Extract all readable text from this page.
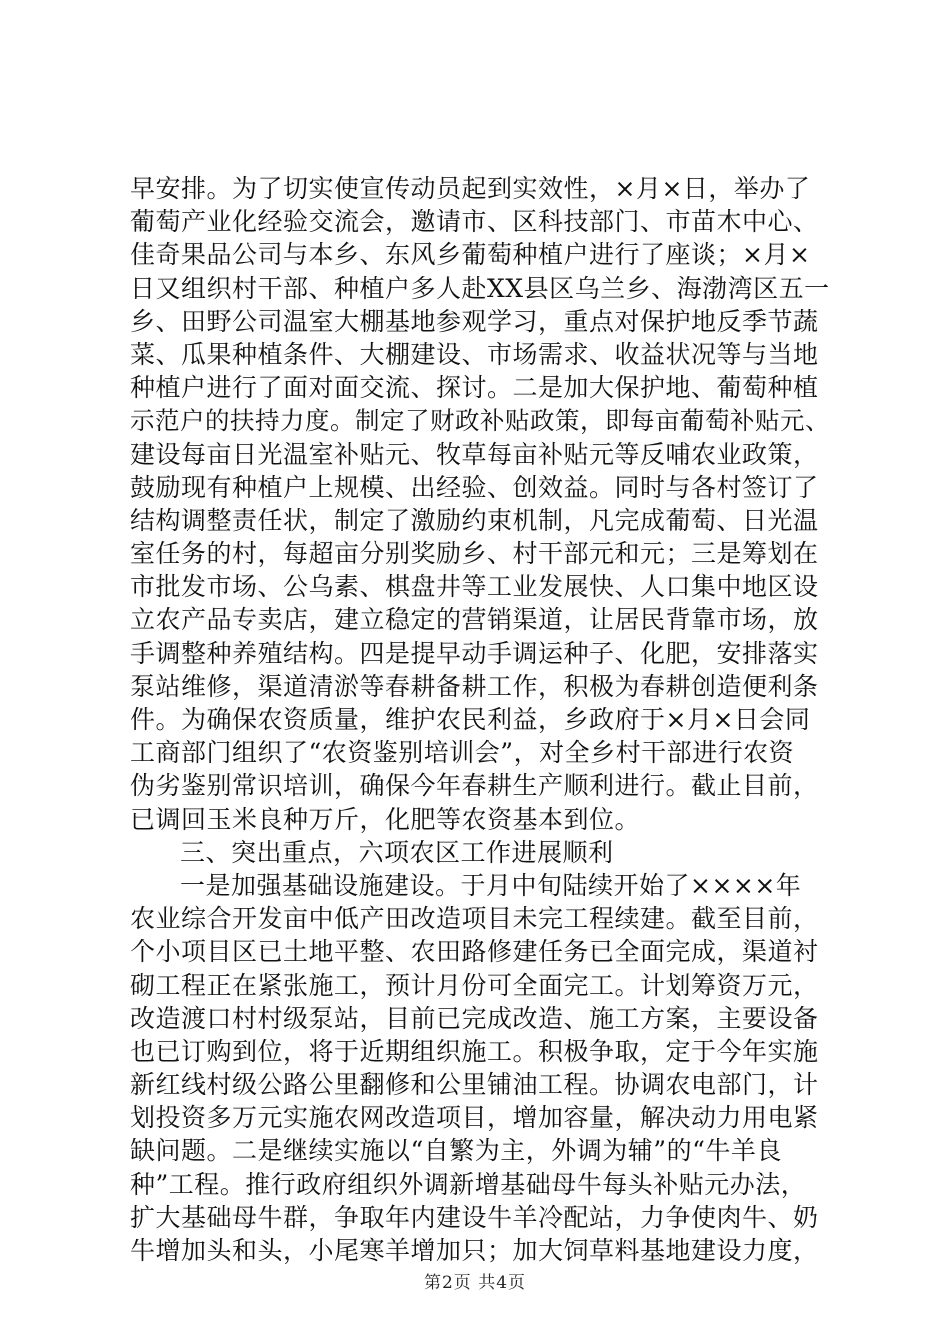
早安排。为了切实使宣传动员起到实效性，×月×日，举办了
葡萄产业化经验交流会，邀请市、区科技部门、市苗木中心、
佳奇果品公司与本乡、东风乡葡萄种植户进行了座谈；×月×
日又组织村干部、种植户多人赴XX县区乌兰乡、海渤湾区五一
乡、田野公司温室大棚基地参观学习，重点对保护地反季节蔬
菜、瓜果种植条件、大棚建设、市场需求、收益状况等与当地
种植户进行了面对面交流、探讨。二是加大保护地、葡萄种植
示范户的扶持力度。制定了财政补贴政策，即每亩葡萄补贴元、
建设每亩日光温室补贴元、牧草每亩补贴元等反哺农业政策，
鼓励现有种植户上规模、出经验、创效益。同时与各村签订了
结构调整责任状，制定了激励约束机制，凡完成葡萄、日光温
室任务的村，每超亩分别奖励乡、村干部元和元；三是筹划在
市批发市场、公乌素、棋盘井等工业发展快、人口集中地区设
立农产品专卖店，建立稳定的营销渠道，让居民背靠市场，放
手调整种养殖结构。四是提早动手调运种子、化肥，安排落实
泵站维修，渠道清淤等春耕备耕工作，积极为春耕创造便利条
件。为确保农资质量，维护农民利益，乡政府于×月×日会同
工商部门组织了“农资鉴别培训会”，对全乡村干部进行农资
伪劣鉴别常识培训，确保今年春耕生产顺利进行。截止目前，
已调回玉米良种万斤，化肥等农资基本到位。
三、突出重点，六项农区工作进展顺利
一是加强基础设施建设。于月中旬陆续开始了××××年
农业综合开发亩中低产田改造项目未完工程续建。截至目前，
个小项目区已土地平整、农田路修建任务已全面完成，渠道衬
砌工程正在紧张施工，预计月份可全面完工。计划筹资万元，
改造渡口村村级泵站，目前已完成改造、施工方案，主要设备
也已订购到位，将于近期组织施工。积极争取，定于今年实施
新红线村级公路公里翻修和公里铺油工程。协调农电部门，计
划投资多万元实施农网改造项目，增加容量，解决动力用电紧
缺问题。二是继续实施以“自繁为主，外调为辅”的“牛羊良
种”工程。推行政府组织外调新增基础母牛每头补贴元办法，
扩大基础母牛群，争取年内建设牛羊冷配站，力争使肉牛、奶
牛增加头和头，小尾寒羊增加只；加大饲草料基地建设力度，
第2页 共4页
